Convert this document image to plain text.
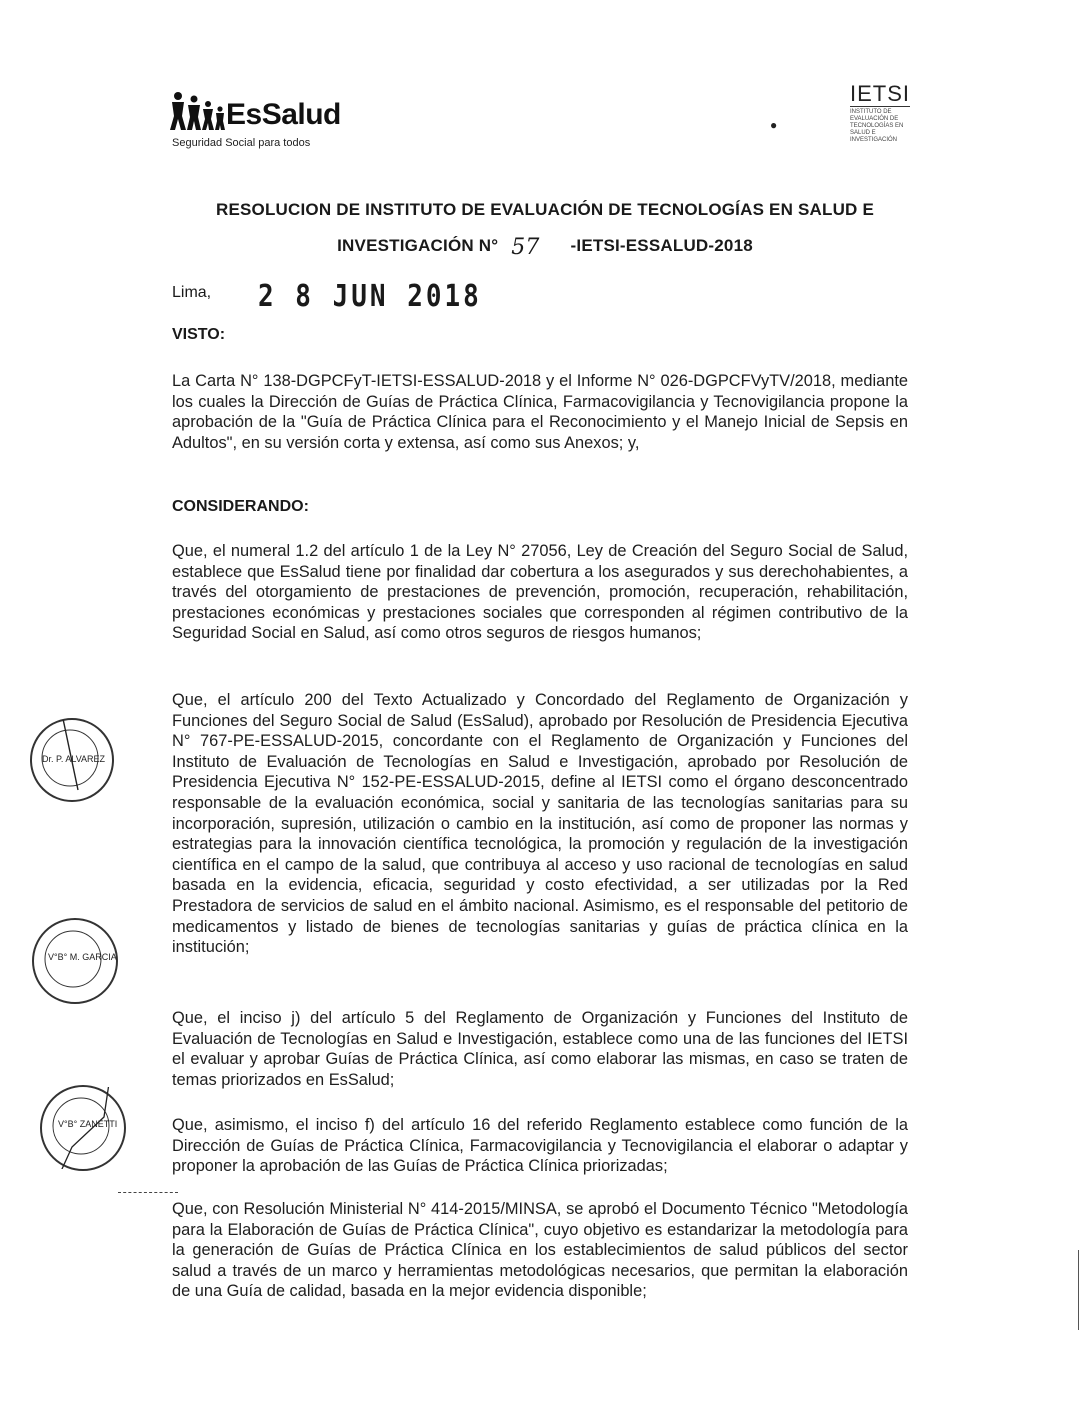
EsSalud
Seguridad Social para todos
●
IETSI
INSTITUTO DE EVALUACIÓN DE TECNOLOGÍAS EN SALUD E INVESTIGACIÓN
RESOLUCION DE INSTITUTO DE EVALUACIÓN DE TECNOLOGÍAS EN SALUD E
INVESTIGACIÓN N° 57 -IETSI-ESSALUD-2018
Lima, 2 8 JUN 2018
VISTO:
CONSIDERANDO:

La Carta N° 138-DGPCFyT-IETSI-ESSALUD-2018 y el Informe N° 026-DGPCFVyTV/2018, mediante los cuales la Dirección de Guías de Práctica Clínica, Farmacovigilancia y Tecnovigilancia propone la aprobación de la "Guía de Práctica Clínica para el Reconocimiento y el Manejo Inicial de Sepsis en Adultos", en su versión corta y extensa, así como sus Anexos; y,

Que, el numeral 1.2 del artículo 1 de la Ley N° 27056, Ley de Creación del Seguro Social de Salud, establece que EsSalud tiene por finalidad dar cobertura a los asegurados y sus derechohabientes, a través del otorgamiento de prestaciones de prevención, promoción, recuperación, rehabilitación, prestaciones económicas y prestaciones sociales que corresponden al régimen contributivo de la Seguridad Social en Salud, así como otros seguros de riesgos humanos;

Que, el artículo 200 del Texto Actualizado y Concordado del Reglamento de Organización y Funciones del Seguro Social de Salud (EsSalud), aprobado por Resolución de Presidencia Ejecutiva N° 767-PE-ESSALUD-2015, concordante con el Reglamento de Organización y Funciones del Instituto de Evaluación de Tecnologías en Salud e Investigación, aprobado por Resolución de Presidencia Ejecutiva N° 152-PE-ESSALUD-2015, define al IETSI como el órgano desconcentrado responsable de la evaluación económica, social y sanitaria de las tecnologías sanitarias para su incorporación, supresión, utilización o cambio en la institución, así como de proponer las normas y estrategias para la innovación científica tecnológica, la promoción y regulación de la investigación científica en el campo de la salud, que contribuya al acceso y uso racional de tecnologías en salud basada en la evidencia, eficacia, seguridad y costo efectividad, a ser utilizadas por la Red Prestadora de servicios de salud en el ámbito nacional. Asimismo, es el responsable del petitorio de medicamentos y listado de bienes de tecnologías sanitarias y guías de práctica clínica en la institución;

Que, el inciso j) del artículo 5 del Reglamento de Organización y Funciones del Instituto de Evaluación de Tecnologías en Salud e Investigación, establece como una de las funciones del IETSI el evaluar y aprobar Guías de Práctica Clínica, así como elaborar las mismas, en caso se traten de temas priorizados en EsSalud;

Que, asimismo, el inciso f) del artículo 16 del referido Reglamento establece como función de la Dirección de Guías de Práctica Clínica, Farmacovigilancia y Tecnovigilancia el elaborar o adaptar y proponer la aprobación de las Guías de Práctica Clínica priorizadas;

Que, con Resolución Ministerial N° 414-2015/MINSA, se aprobó el Documento Técnico "Metodología para la Elaboración de Guías de Práctica Clínica", cuyo objetivo es estandarizar la metodología para la generación de Guías de Práctica Clínica en los establecimientos de salud públicos del sector salud a través de un marco y herramientas metodológicas necesarios, que permitan la elaboración de una Guía de calidad, basada en la mejor evidencia disponible;

Dr. P. ALVAREZ
V°B° M. GARCIA
V°B° ZANETTI
